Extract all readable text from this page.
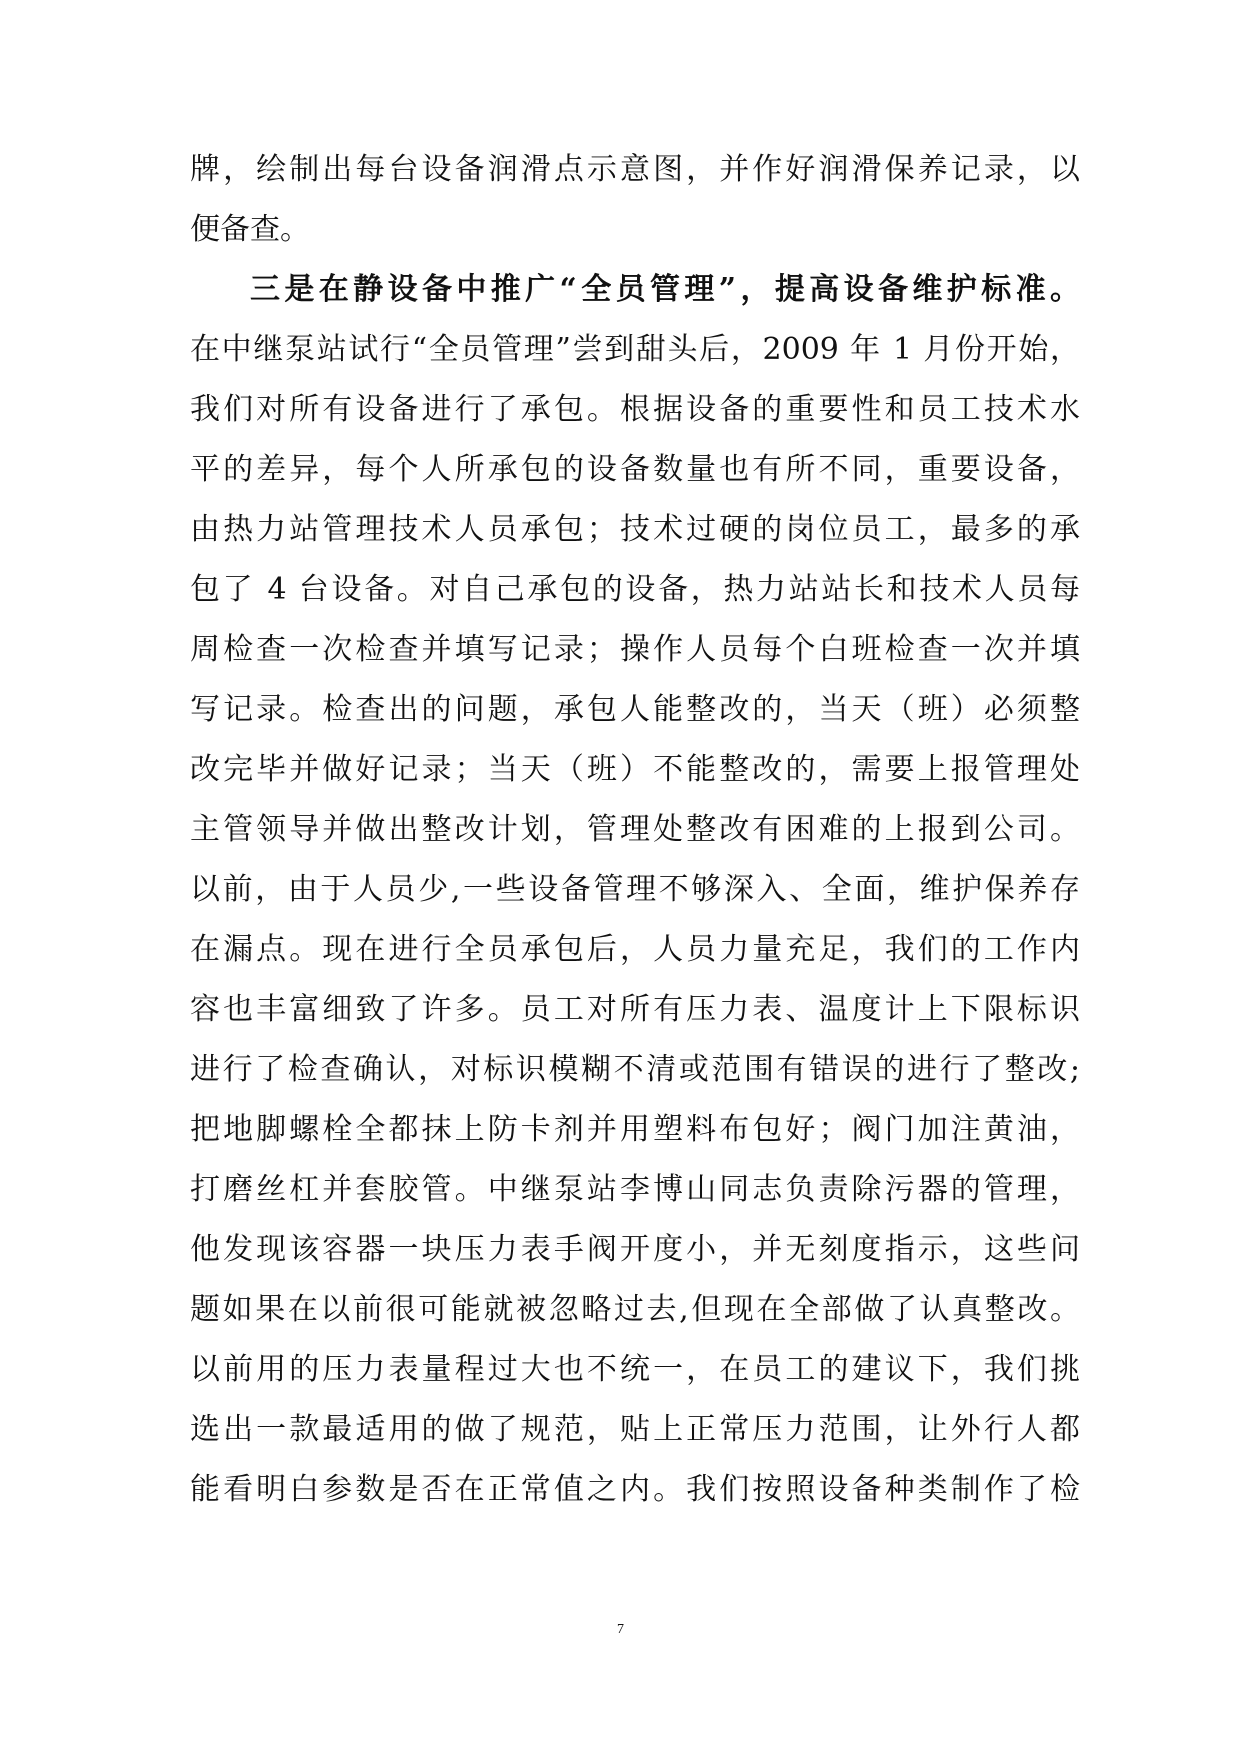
牌，绘制出每台设备润滑点示意图，并作好润滑保养记录，以
便备查。
三是在静设备中推广“全员管理”，提高设备维护标准。
在中继泵站试行“全员管理”尝到甜头后，2009 年 1 月份开始，
我们对所有设备进行了承包。根据设备的重要性和员工技术水
平的差异，每个人所承包的设备数量也有所不同，重要设备，
由热力站管理技术人员承包；技术过硬的岗位员工，最多的承
包了 4 台设备。对自己承包的设备，热力站站长和技术人员每
周检查一次检查并填写记录；操作人员每个白班检查一次并填
写记录。检查出的问题，承包人能整改的，当天（班）必须整
改完毕并做好记录；当天（班）不能整改的，需要上报管理处
主管领导并做出整改计划，管理处整改有困难的上报到公司。
以前，由于人员少,一些设备管理不够深入、全面，维护保养存
在漏点。现在进行全员承包后，人员力量充足，我们的工作内
容也丰富细致了许多。员工对所有压力表、温度计上下限标识
进行了检查确认，对标识模糊不清或范围有错误的进行了整改;
把地脚螺栓全都抹上防卡剂并用塑料布包好；阀门加注黄油，
打磨丝杠并套胶管。中继泵站李博山同志负责除污器的管理，
他发现该容器一块压力表手阀开度小，并无刻度指示，这些问
题如果在以前很可能就被忽略过去,但现在全部做了认真整改。
以前用的压力表量程过大也不统一，在员工的建议下，我们挑
选出一款最适用的做了规范，贴上正常压力范围，让外行人都
能看明白参数是否在正常值之内。我们按照设备种类制作了检
7
